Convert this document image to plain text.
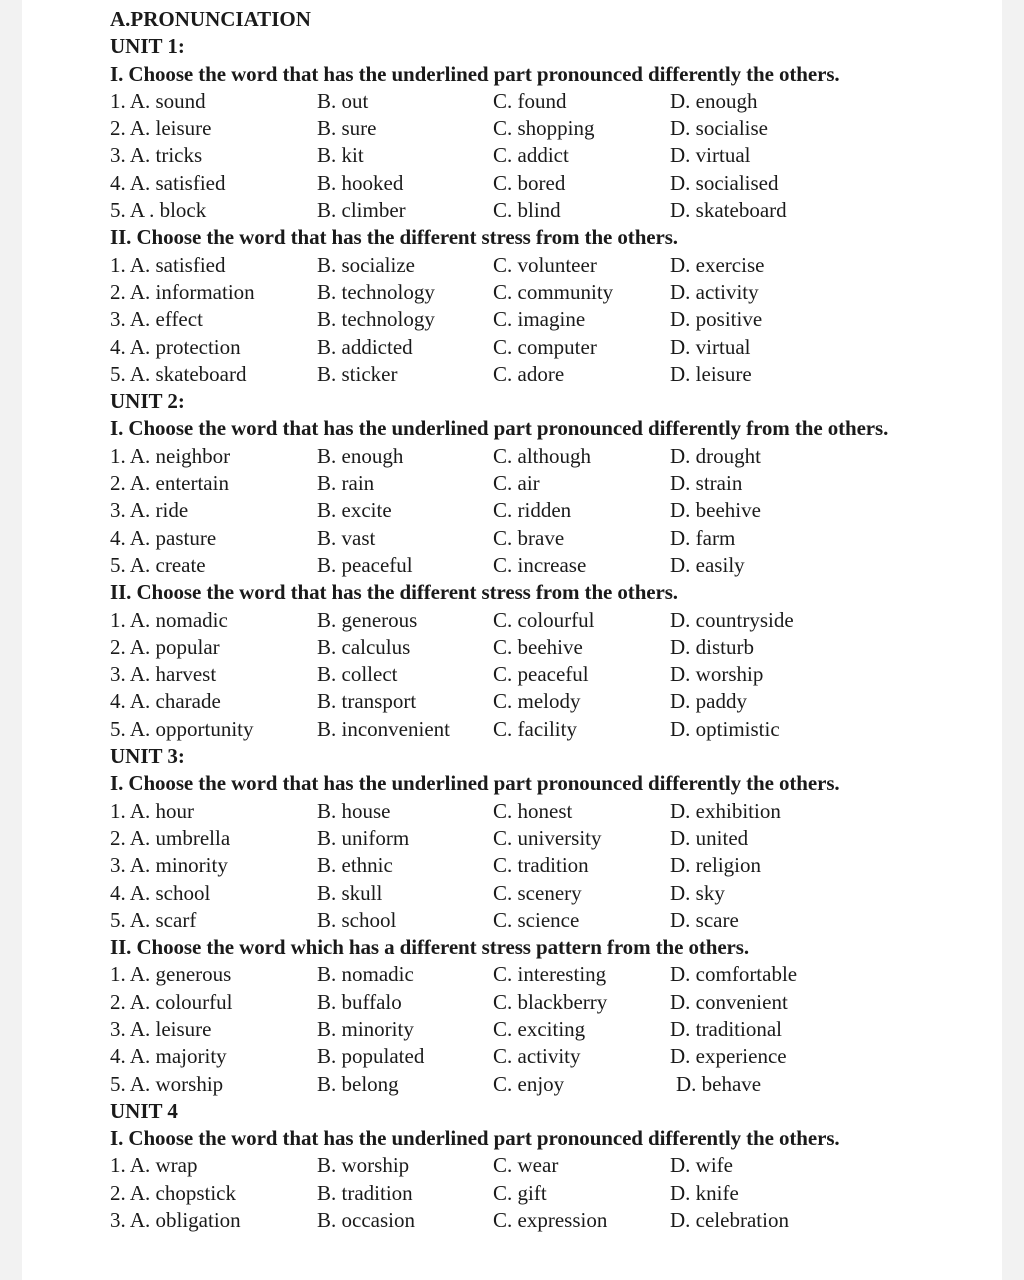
A.PRONUNCIATION
UNIT 1:
I. Choose the word that has the underlined part pronounced differently the others.
1. A. sound	B. out	C. found	D. enough
2. A. leisure	B. sure	C. shopping	D. socialise
3. A. tricks	B. kit	C. addict	D. virtual
4. A. satisfied	B. hooked	C. bored	D. socialised
5. A . block	B. climber	C. blind	D. skateboard
II. Choose the word that has the different stress from the others.
1. A. satisfied	B. socialize	C. volunteer	D. exercise
2. A. information	B. technology	C. community	D. activity
3. A. effect	B. technology	C. imagine	D. positive
4. A. protection	B. addicted	C. computer	D. virtual
5. A. skateboard	B. sticker	C. adore	D. leisure
UNIT 2:
I. Choose the word that has the underlined part pronounced differently from the others.
1. A. neighbor	B. enough	C. although	D. drought
2. A. entertain	B. rain	C. air	D. strain
3. A. ride	B. excite	C. ridden	D. beehive
4. A. pasture	B. vast	C. brave	D. farm
5. A. create	B. peaceful	C. increase	D. easily
II. Choose the word that has the different stress from the others.
1. A. nomadic	B. generous	C. colourful	D. countryside
2. A. popular	B. calculus	C. beehive	D. disturb
3. A. harvest	B. collect	C. peaceful	D. worship
4. A. charade	B. transport	C. melody	D. paddy
5. A. opportunity	B. inconvenient C. facility	D. optimistic
UNIT 3:
I. Choose the word that has the underlined part pronounced differently the others.
1. A. hour	B. house	C. honest	D. exhibition
2. A. umbrella	B. uniform	C. university	D. united
3. A. minority	B. ethnic	C. tradition	D. religion
4. A. school	B. skull	C. scenery	D. sky
5. A. scarf	B. school	C. science	D. scare
II. Choose the word which has a different stress pattern from the others.
1. A. generous	B. nomadic	C. interesting	D. comfortable
2. A. colourful	B. buffalo	C. blackberry	D. convenient
3. A. leisure	B. minority	C. exciting	D. traditional
4. A. majority	B. populated	C. activity	D. experience
5. A. worship	B. belong	C. enjoy	D. behave
UNIT 4
I. Choose the word that has the underlined part pronounced differently the others.
1. A. wrap	B. worship	C. wear	D. wife
2. A. chopstick	B. tradition	C. gift	D. knife
3. A. obligation	B. occasion	C. expression	D. celebration
